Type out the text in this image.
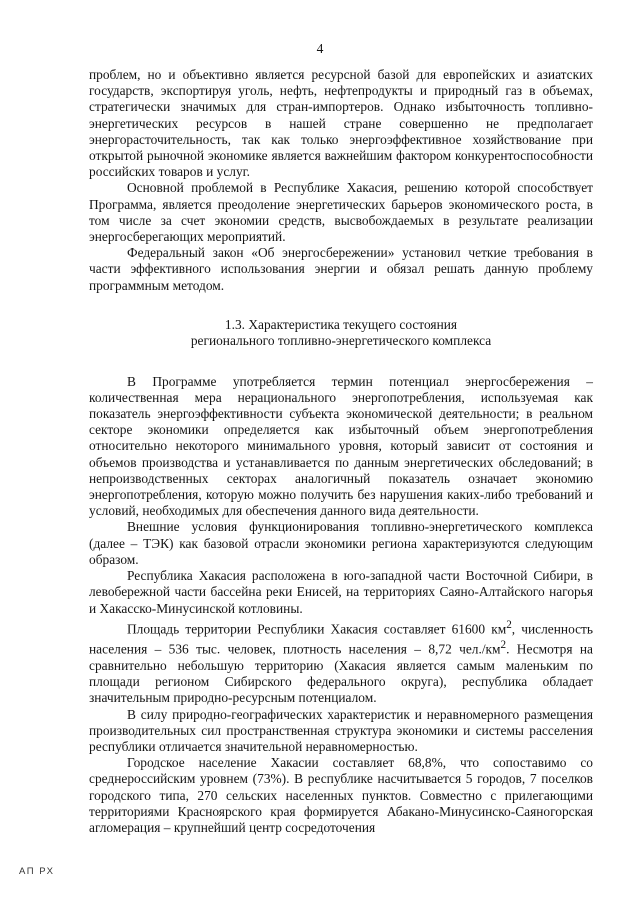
4

проблем, но и объективно является ресурсной базой для европейских и азиатских государств, экспортируя уголь, нефть, нефтепродукты и природный газ в объемах, стратегически значимых для стран-импортеров. Однако избыточность топливно-энергетических ресурсов в нашей стране совершенно не предполагает энергорасточительность, так как только энергоэффективное хозяйствование при открытой рыночной экономике является важнейшим фактором конкурентоспособности российских товаров и услуг.

Основной проблемой в Республике Хакасия, решению которой способствует Программа, является преодоление энергетических барьеров экономического роста, в том числе за счет экономии средств, высвобождаемых в результате реализации энергосберегающих мероприятий.

Федеральный закон «Об энергосбережении» установил четкие требования в части эффективного использования энергии и обязал решать данную проблему программным методом.

1.3. Характеристика текущего состояния
регионального топливно-энергетического комплекса

В Программе употребляется термин потенциал энергосбережения – количественная мера нерационального энергопотребления, используемая как показатель энергоэффективности субъекта экономической деятельности; в реальном секторе экономики определяется как избыточный объем энергопотребления относительно некоторого минимального уровня, который зависит от состояния и объемов производства и устанавливается по данным энергетических обследований; в непроизводственных секторах аналогичный показатель означает экономию энергопотребления, которую можно получить без нарушения каких-либо требований и условий, необходимых для обеспечения данного вида деятельности.

Внешние условия функционирования топливно-энергетического комплекса (далее – ТЭК) как базовой отрасли экономики региона характеризуются следующим образом.

Республика Хакасия расположена в юго-западной части Восточной Сибири, в левобережной части бассейна реки Енисей, на территориях Саяно-Алтайского нагорья и Хакасско-Минусинской котловины.

Площадь территории Республики Хакасия составляет 61600 $км^2$, численность населения – 536 тыс. человек, плотность населения – 8,72 $чел./км^2$. Несмотря на сравнительно небольшую территорию (Хакасия является самым маленьким по площади регионом Сибирского федерального округа), республика обладает значительным природно-ресурсным потенциалом.

В силу природно-географических характеристик и неравномерного размещения производительных сил пространственная структура экономики и системы расселения республики отличается значительной неравномерностью.

Городское население Хакасии составляет 68,8%, что сопоставимо со среднероссийским уровнем (73%). В республике насчитывается 5 городов, 7 поселков городского типа, 270 сельских населенных пунктов. Совместно с прилегающими территориями Красноярского края формируется Абакано-Минусинско-Саяногорская агломерация – крупнейший центр сосредоточения

АП РХ
